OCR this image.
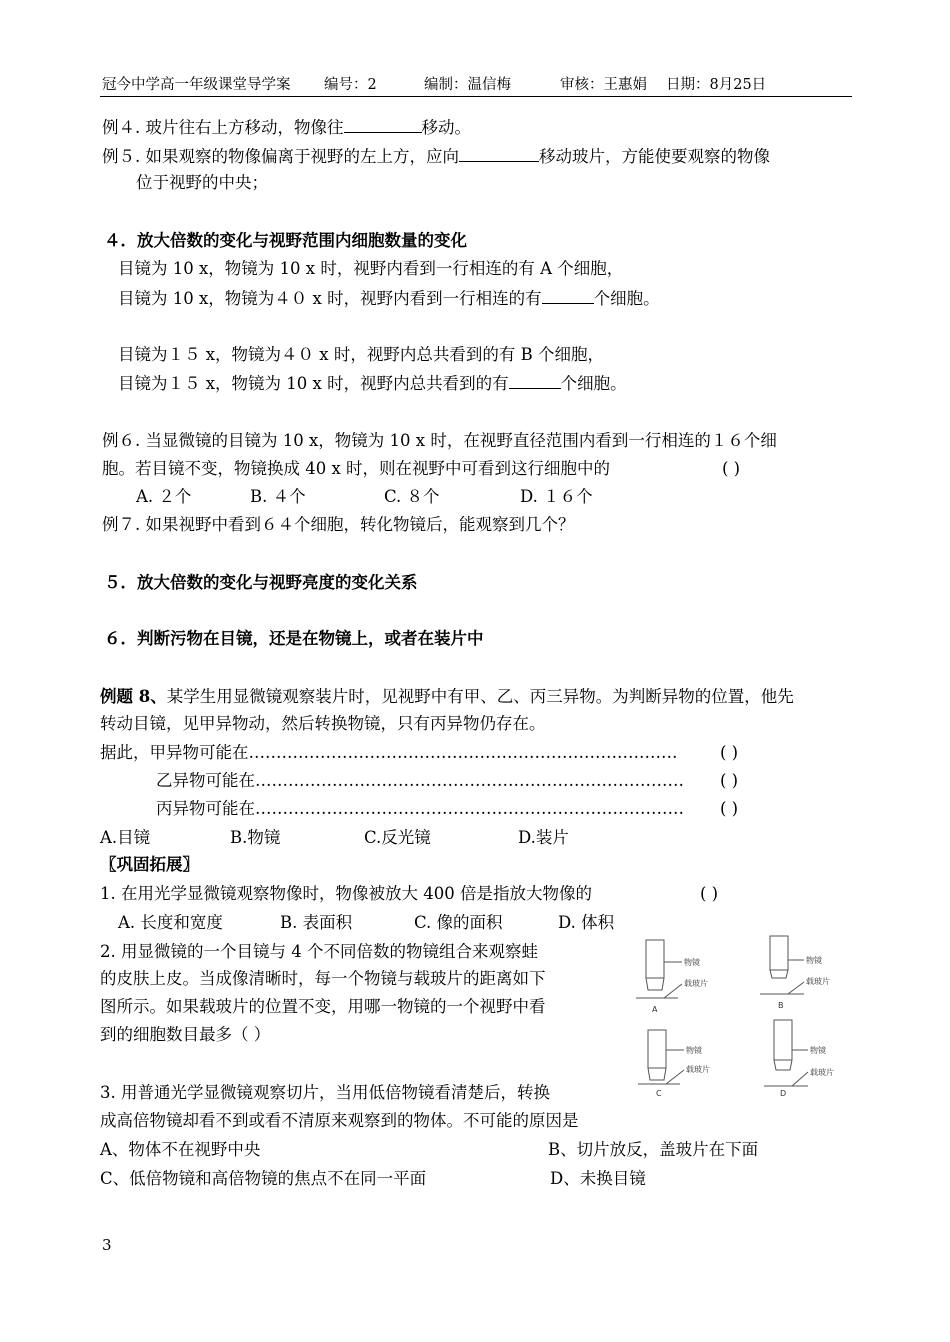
冠今中学高一年级课堂导学案 编号：2	编制：温信梅	审核：王惠娟 日期：8月25日
例４. 玻片往右上方移动，物像往	移动。
例５. 如果观察的物像偏离于视野的左上方，应向	移动玻片，方能使要观察的物像
位于视野的中央；
４．放大倍数的变化与视野范围内细胞数量的变化
目镜为 10 x，物镜为 10 x 时，视野内看到一行相连的有 A 个细胞，
目镜为 10 x，物镜为４０ x 时，视野内看到一行相连的有	个细胞。
目镜为１５ x，物镜为４０ x 时，视野内总共看到的有 B 个细胞，
目镜为１５ x，物镜为 10 x 时，视野内总共看到的有	个细胞。
例６. 当显微镜的目镜为 10 x，物镜为 10 x 时，在视野直径范围内看到一行相连的１６个细
胞。若目镜不变，物镜换成 40 x 时，则在视野中可看到这行细胞中的	( )
A. ２个	B. ４个	C. ８个	D. １６个
例７. 如果视野中看到６４个细胞，转化物镜后，能观察到几个？
５．放大倍数的变化与视野亮度的变化关系
６．判断污物在目镜，还是在物镜上，或者在装片中
例题 8、某学生用显微镜观察装片时，见视野中有甲、乙、丙三异物。为判断异物的位置，他先
转动目镜，见甲异物动，然后转换物镜，只有丙异物仍存在。
据此，甲异物可能在……………………………………………………………………	( )
乙异物可能在……………………………………………………………………	( )
丙异物可能在……………………………………………………………………	( )
A.目镜	B.物镜	C.反光镜	D.装片
〖巩固拓展〗
1. 在用光学显微镜观察物像时，物像被放大 400 倍是指放大物像的	( )
A. 长度和宽度	B. 表面积	C. 像的面积	D. 体积
2. 用显微镜的一个目镜与 4 个不同倍数的物镜组合来观察蛙
的皮肤上皮。当成像清晰时，每一个物镜与载玻片的距离如下
图所示。如果载玻片的位置不变，用哪一物镜的一个视野中看
到的细胞数目最多（ ）
3. 用普通光学显微镜观察切片，当用低倍物镜看清楚后，转换
成高倍物镜却看不到或看不清原来观察到的物体。不可能的原因是
A、物体不在视野中央	B、切片放反，盖玻片在下面
C、低倍物镜和高倍物镜的焦点不在同一平面	D、未换目镜
物镜
载玻片
A
物镜
载玻片
B
物镜
载玻片
C
物镜
载玻片
D
3
